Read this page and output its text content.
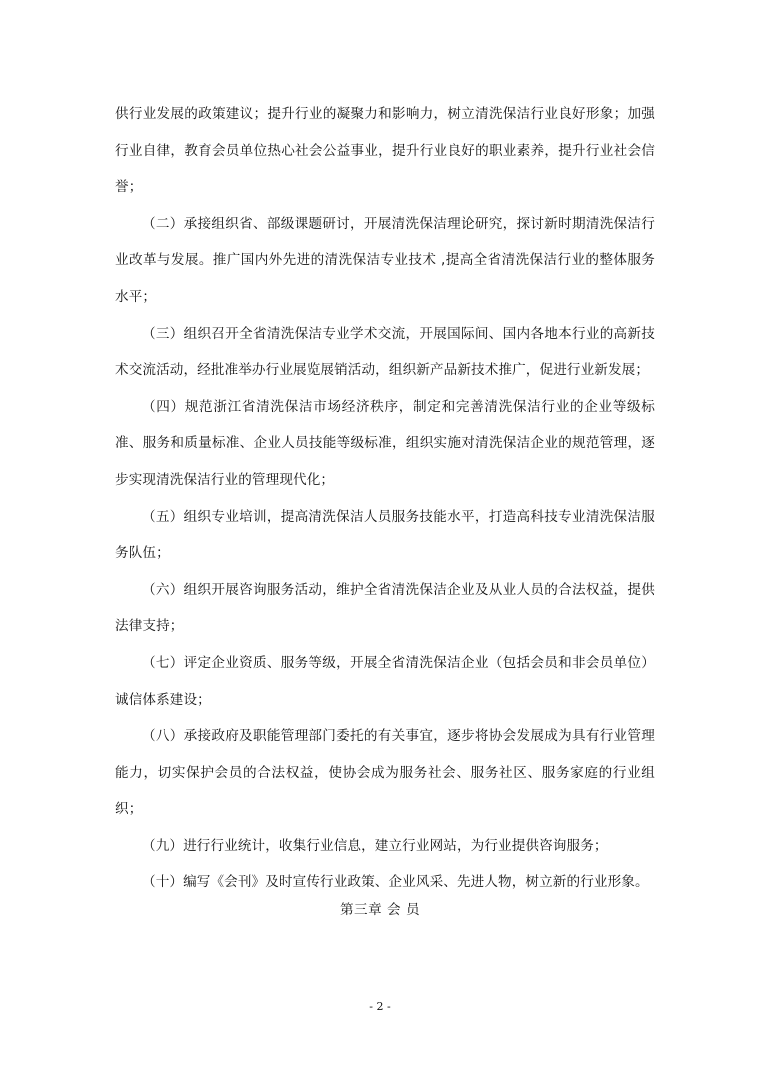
供行业发展的政策建议；提升行业的凝聚力和影响力，树立清洗保洁行业良好形象；加强行业自律，教育会员单位热心社会公益事业，提升行业良好的职业素养，提升行业社会信誉；

（二）承接组织省、部级课题研讨，开展清洗保洁理论研究，探讨新时期清洗保洁行业改革与发展。推广国内外先进的清洗保洁专业技术 ,提高全省清洗保洁行业的整体服务水平；

（三）组织召开全省清洗保洁专业学术交流，开展国际间、国内各地本行业的高新技术交流活动，经批准举办行业展览展销活动，组织新产品新技术推广，促进行业新发展；

（四）规范浙江省清洗保洁市场经济秩序，制定和完善清洗保洁行业的企业等级标准、服务和质量标准、企业人员技能等级标准，组织实施对清洗保洁企业的规范管理，逐步实现清洗保洁行业的管理现代化；

（五）组织专业培训，提高清洗保洁人员服务技能水平，打造高科技专业清洗保洁服务队伍；

（六）组织开展咨询服务活动，维护全省清洗保洁企业及从业人员的合法权益，提供法律支持；

（七）评定企业资质、服务等级，开展全省清洗保洁企业（包括会员和非会员单位）诚信体系建设；

（八）承接政府及职能管理部门委托的有关事宜，逐步将协会发展成为具有行业管理能力，切实保护会员的合法权益，使协会成为服务社会、服务社区、服务家庭的行业组织；

（九）进行行业统计，收集行业信息，建立行业网站，为行业提供咨询服务；

（十）编写《会刊》及时宣传行业政策、企业风采、先进人物，树立新的行业形象。

第三章 会 员
- 2 -
